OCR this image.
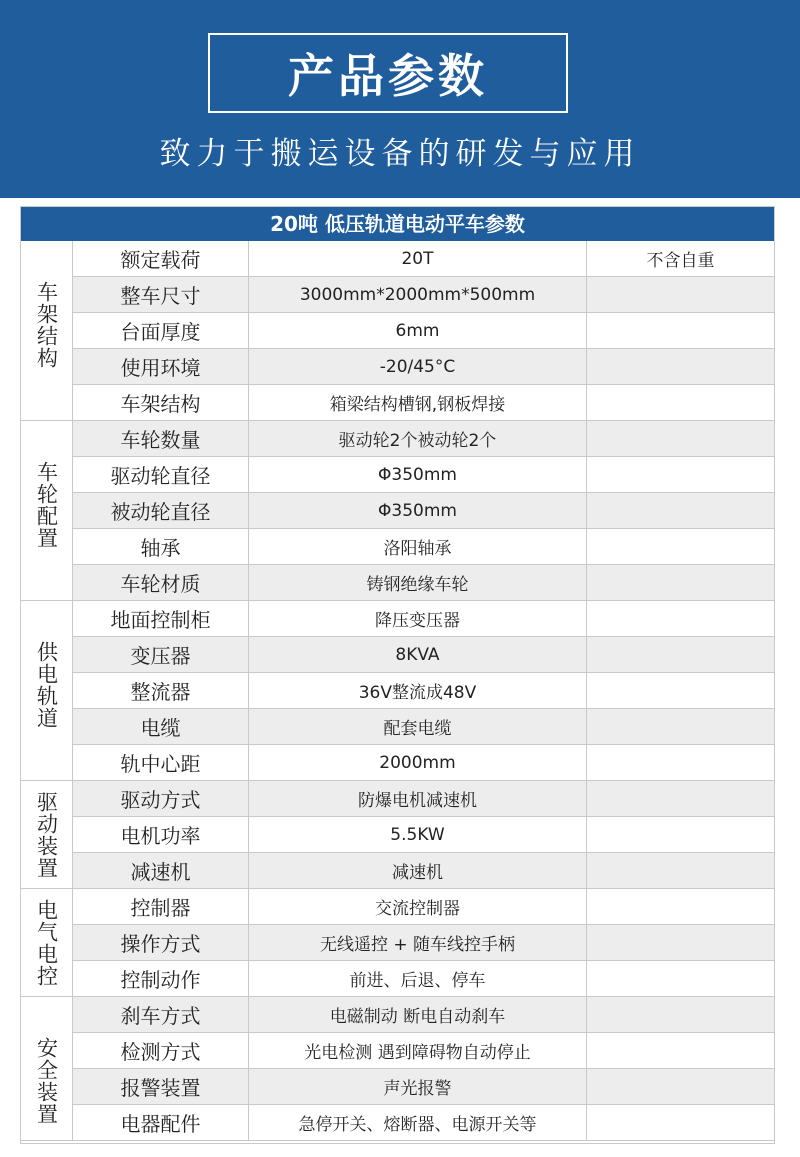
产品参数
致力于搬运设备的研发与应用
20吨 低压轨道电动平车参数
车架结构
额定载荷	20T	不含自重
整车尺寸	3000mm*2000mm*500mm
台面厚度	6mm
使用环境	-20/45°C
车架结构	箱梁结构槽钢,钢板焊接
车轮配置
车轮数量	驱动轮2个被动轮2个
驱动轮直径	Φ350mm
被动轮直径	Φ350mm
轴承	洛阳轴承
车轮材质	铸钢绝缘车轮
供电轨道
地面控制柜	降压变压器
变压器	8KVA
整流器	36V整流成48V
电缆	配套电缆
轨中心距	2000mm
驱动装置	驱动方式	防爆电机减速机
电机功率	5.5KW
减速机	减速机
电气电控	控制器	交流控制器
操作方式	无线遥控 + 随车线控手柄
控制动作	前进、后退、停车
安全装置
刹车方式	电磁制动 断电自动刹车
检测方式	光电检测 遇到障碍物自动停止
报警装置	声光报警
电器配件	急停开关、熔断器、电源开关等
